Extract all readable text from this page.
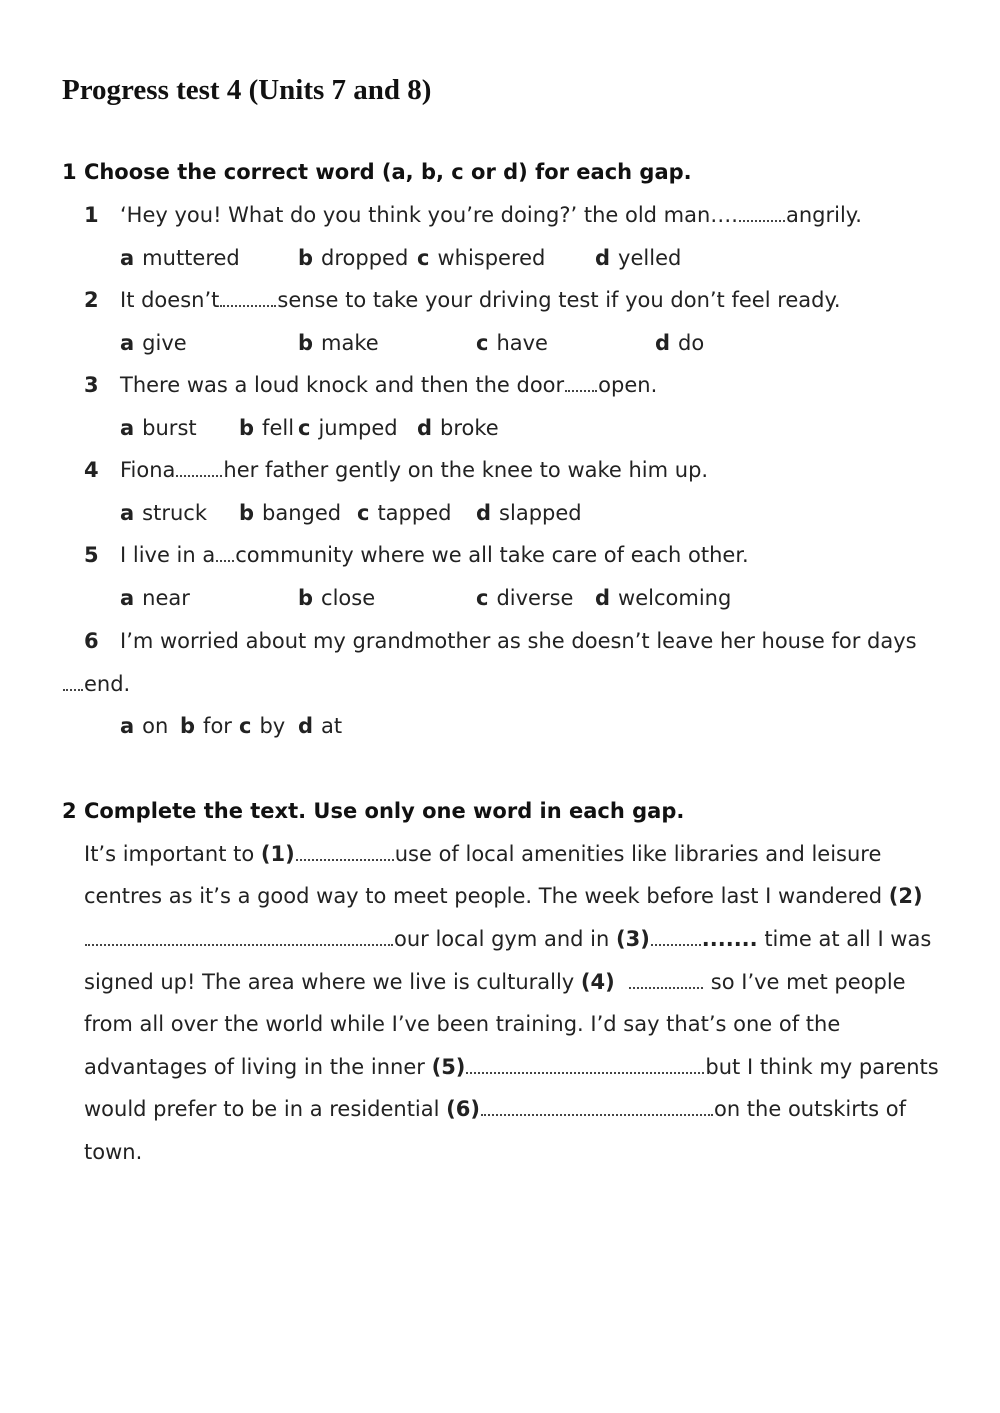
Progress test 4 (Units 7 and 8)
1 Choose the correct word (a, b, c or d) for each gap.
1 ‘Hey you! What do you think you’re doing?’ the old man…. angrily.
a muttered	b dropped c whispered d yelled
2 It doesn’t	sense to take your driving test if you don’t feel ready.
a give	b make	c have	d do
3 There was a loud knock and then the door open.
a burst b fell c jumped d broke
4 Fiona her father gently on the knee to wake him up.
a struck b banged c tapped d slapped
5 I live in a community where we all take care of each other.
a near	b close	c diverse d welcoming
6 I’m worried about my grandmother as she doesn’t leave her house for days
end.
a on b for c by d at
2 Complete the text. Use only one word in each gap.
It’s important to (1)	use of local amenities like libraries and leisure
centres as it’s a good way to meet people. The week before last I wandered (2)
our local gym and in (3) ....... time at all I was
signed up! The area where we live is culturally (4)	so I’ve met people
from all over the world while I’ve been training. I’d say that’s one of the
advantages of living in the inner (5)	but I think my parents
would prefer to be in a residential (6)	on the outskirts of
town.
